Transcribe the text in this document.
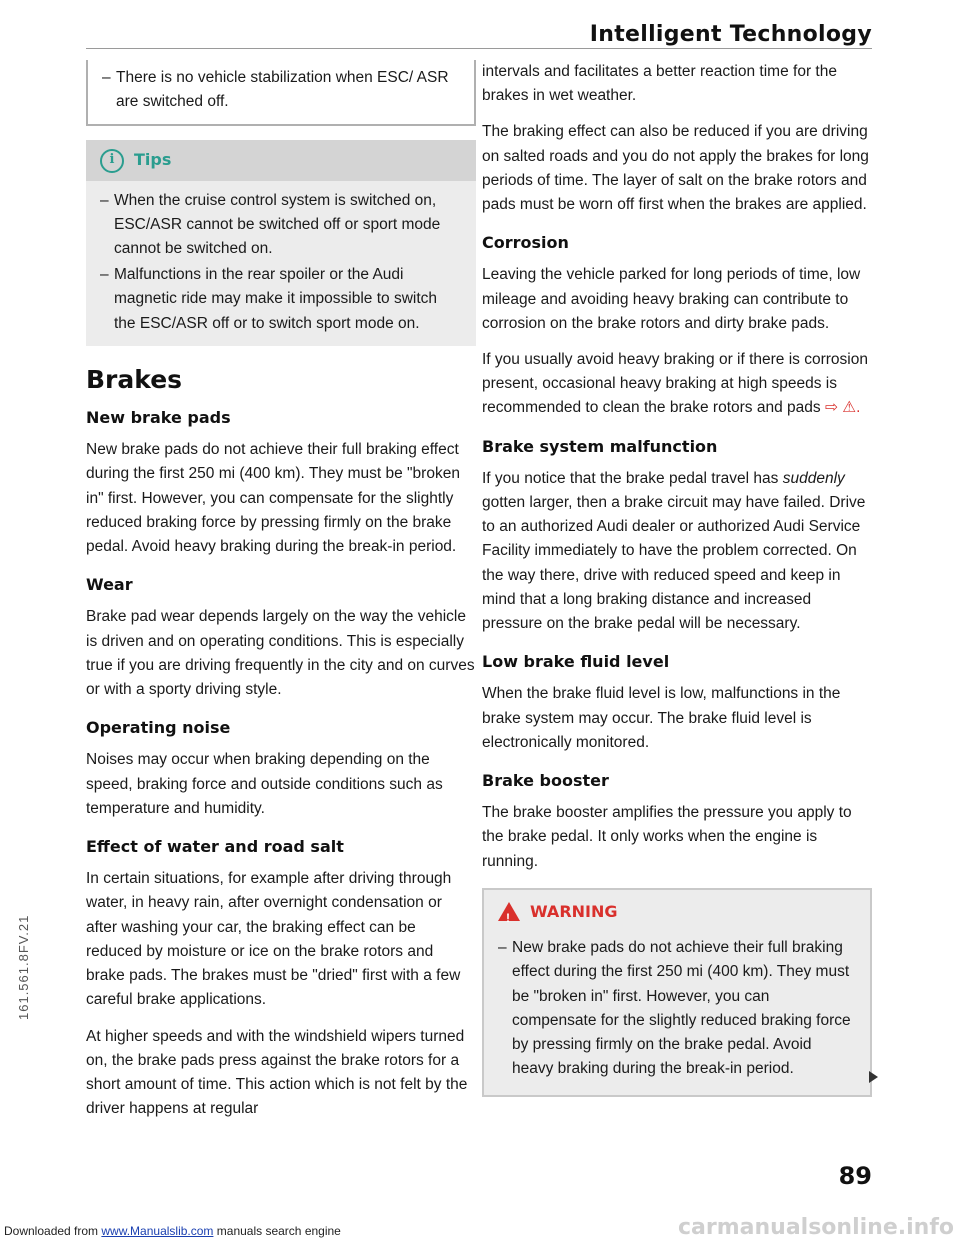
Intelligent Technology
– There is no vehicle stabilization when ESC/ ASR are switched off.
i	Tips
– When the cruise control system is switched on, ESC/ASR cannot be switched off or sport mode cannot be switched on.
– Malfunctions in the rear spoiler or the Audi magnetic ride may make it impossible to switch the ESC/ASR off or to switch sport mode on.
Brakes
New brake pads

New brake pads do not achieve their full braking effect during the first 250 mi (400 km). They must be "broken in" first. However, you can compensate for the slightly reduced braking force by pressing firmly on the brake pedal. Avoid heavy braking during the break-in period.

Wear

Brake pad wear depends largely on the way the vehicle is driven and on operating conditions. This is especially true if you are driving frequently in the city and on curves or with a sporty driving style.

Operating noise

Noises may occur when braking depending on the speed, braking force and outside conditions such as temperature and humidity.

Effect of water and road salt

In certain situations, for example after driving through water, in heavy rain, after overnight condensation or after washing your car, the braking effect can be reduced by moisture or ice on the brake rotors and brake pads. The brakes must be "dried" first with a few careful brake applications.

At higher speeds and with the windshield wipers turned on, the brake pads press against the brake rotors for a short amount of time. This action which is not felt by the driver happens at regular

intervals and facilitates a better reaction time for the brakes in wet weather.

The braking effect can also be reduced if you are driving on salted roads and you do not apply the brakes for long periods of time. The layer of salt on the brake rotors and pads must be worn off first when the brakes are applied.

Corrosion

Leaving the vehicle parked for long periods of time, low mileage and avoiding heavy braking can contribute to corrosion on the brake rotors and dirty brake pads.

If you usually avoid heavy braking or if there is corrosion present, occasional heavy braking at high speeds is recommended to clean the brake rotors and pads ⇨ ⚠.

Brake system malfunction

If you notice that the brake pedal travel has suddenly gotten larger, then a brake circuit may have failed. Drive to an authorized Audi dealer or authorized Audi Service Facility immediately to have the problem corrected. On the way there, drive with reduced speed and keep in mind that a long braking distance and increased pressure on the brake pedal will be necessary.

Low brake fluid level

When the brake fluid level is low, malfunctions in the brake system may occur. The brake fluid level is electronically monitored.

Brake booster

The brake booster amplifies the pressure you apply to the brake pedal. It only works when the engine is running.

! WARNING
– New brake pads do not achieve their full braking effect during the first 250 mi (400 km). They must be "broken in" first. However, you can compensate for the slightly reduced braking force by pressing firmly on the brake pedal. Avoid heavy braking during the break-in period.
89
161.561.8FV.21
Downloaded from www.Manualslib.com manuals search engine	carmanualsonline.info
